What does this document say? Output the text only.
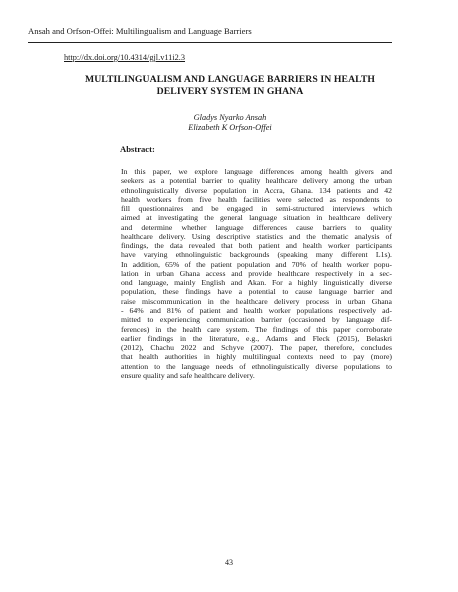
Ansah and Orfson-Offei: Multilingualism and Language Barriers
http://dx.doi.org/10.4314/gjl.v11i2.3
MULTILINGUALISM AND LANGUAGE BARRIERS IN HEALTH
DELIVERY SYSTEM IN GHANA
Gladys Nyarko Ansah
Elizabeth K Orfson-Offei
Abstract:
In this paper, we explore language differences among health givers and
seekers as a potential barrier to quality healthcare delivery among the urban
ethnolinguistically diverse population in Accra, Ghana. 134 patients and 42
health workers from five health facilities were selected as respondents to
fill questionnaires and be engaged in semi-structured interviews which
aimed at investigating the general language situation in healthcare delivery
and determine whether language differences cause barriers to quality
healthcare delivery. Using descriptive statistics and the thematic analysis of
findings, the data revealed that both patient and health worker participants
have varying ethnolinguistic backgrounds (speaking many different L1s).
In addition, 65% of the patient population and 70% of health worker popu-
lation in urban Ghana access and provide healthcare respectively in a sec-
ond language, mainly English and Akan. For a highly linguistically diverse
population, these findings have a potential to cause language barrier and
raise miscommunication in the healthcare delivery process in urban Ghana
- 64% and 81% of patient and health worker populations respectively ad-
mitted to experiencing communication barrier (occasioned by language dif-
ferences) in the health care system. The findings of this paper corroborate
earlier findings in the literature, e.g., Adams and Fleck (2015), Belaskri
(2012), Chachu 2022 and Schyve (2007). The paper, therefore, concludes
that health authorities in highly multilingual contexts need to pay (more)
attention to the language needs of ethnolinguistically diverse populations to
ensure quality and safe healthcare delivery.
43
